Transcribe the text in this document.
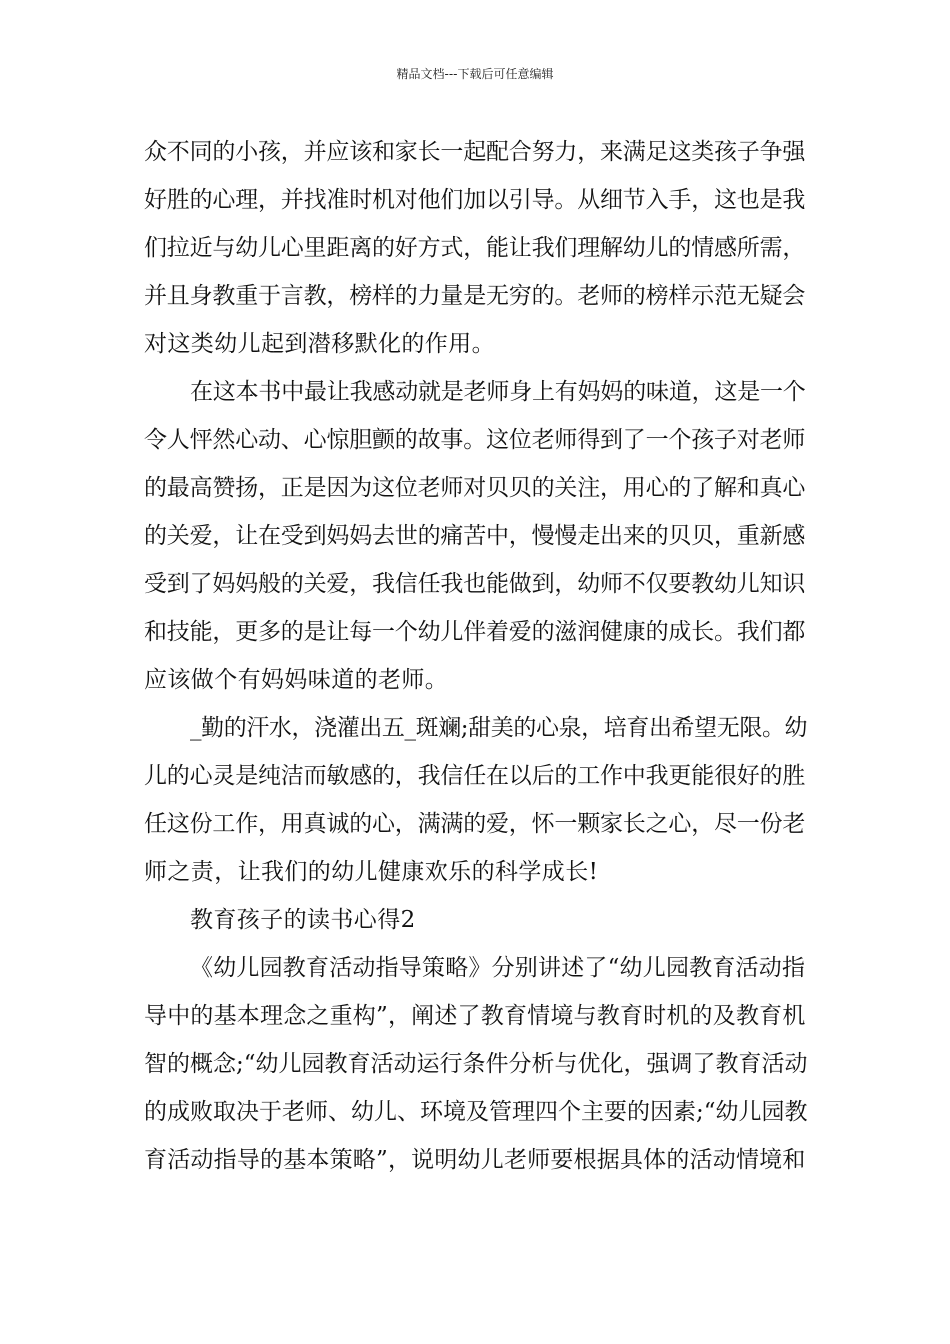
精品文档---下载后可任意编辑
众不同的小孩，并应该和家长一起配合努力，来满足这类孩子争强
好胜的心理，并找准时机对他们加以引导。从细节入手，这也是我
们拉近与幼儿心里距离的好方式，能让我们理解幼儿的情感所需，
并且身教重于言教，榜样的力量是无穷的。老师的榜样示范无疑会
对这类幼儿起到潜移默化的作用。
在这本书中最让我感动就是老师身上有妈妈的味道，这是一个
令人怦然心动、心惊胆颤的故事。这位老师得到了一个孩子对老师
的最高赞扬，正是因为这位老师对贝贝的关注，用心的了解和真心
的关爱，让在受到妈妈去世的痛苦中，慢慢走出来的贝贝，重新感
受到了妈妈般的关爱，我信任我也能做到，幼师不仅要教幼儿知识
和技能，更多的是让每一个幼儿伴着爱的滋润健康的成长。我们都
应该做个有妈妈味道的老师。
_勤的汗水，浇灌出五_斑斓;甜美的心泉，培育出希望无限。幼
儿的心灵是纯洁而敏感的，我信任在以后的工作中我更能很好的胜
任这份工作，用真诚的心，满满的爱，怀一颗家长之心，尽一份老
师之责，让我们的幼儿健康欢乐的科学成长!
教育孩子的读书心得2
《幼儿园教育活动指导策略》分别讲述了“幼儿园教育活动指
导中的基本理念之重构”，阐述了教育情境与教育时机的及教育机
智的概念;“幼儿园教育活动运行条件分析与优化，强调了教育活动
的成败取决于老师、幼儿、环境及管理四个主要的因素;“幼儿园教
育活动指导的基本策略”，说明幼儿老师要根据具体的活动情境和
